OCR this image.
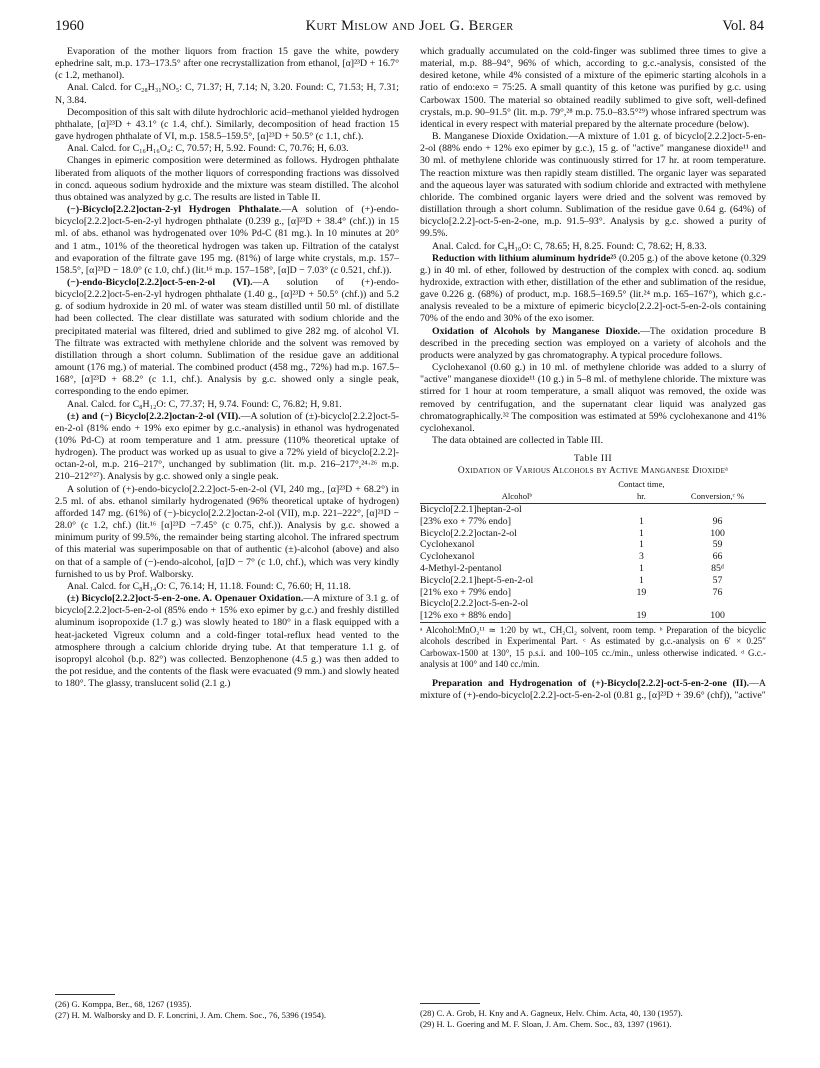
1960	Kurt Mislow and Joel G. Berger	Vol. 84

Evaporation of the mother liquors from fraction 15 gave the white, powdery ephedrine salt, m.p. 173–173.5° after one recrystallization from ethanol, [α]²³D + 16.7° (c 1.2, methanol).

Anal. Calcd. for C₂₈H₃₁NO₅: C, 71.37; H, 7.14; N, 3.20. Found: C, 71.53; H, 7.31; N, 3.84.

Decomposition of this salt with dilute hydrochloric acid–methanol yielded hydrogen phthalate, [α]²³D + 43.1° (c 1.4, chf.). Similarly, decomposition of head fraction 15 gave hydrogen phthalate of VI, m.p. 158.5–159.5°, [α]²³D + 50.5° (c 1.1, chf.).

Anal. Calcd. for C₁₆H₁₆O₄: C, 70.57; H, 5.92. Found: C, 70.76; H, 6.03.

Changes in epimeric composition were determined as follows. Hydrogen phthalate liberated from aliquots of the mother liquors of corresponding fractions was dissolved in concd. aqueous sodium hydroxide and the mixture was steam distilled. The alcohol thus obtained was analyzed by g.c. The results are listed in Table II.

(−)-Bicyclo[2.2.2]octan-2-yl Hydrogen Phthalate.—A solution of (+)-endo-bicyclo[2.2.2]oct-5-en-2-yl hydrogen phthalate (0.239 g., [α]²³D + 38.4° (chf.)) in 15 ml. of abs. ethanol was hydrogenated over 10% Pd-C (81 mg.). In 10 minutes at 20° and 1 atm., 101% of the theoretical hydrogen was taken up. Filtration of the catalyst and evaporation of the filtrate gave 195 mg. (81%) of large white crystals, m.p. 157–158.5°, [α]²³D − 18.0° (c 1.0, chf.) (lit.¹⁶ m.p. 157–158°, [α]D − 7.03° (c 0.521, chf.)).

(−)-endo-Bicyclo[2.2.2]oct-5-en-2-ol (VI).—A solution of (+)-endo-bicyclo[2.2.2]oct-5-en-2-yl hydrogen phthalate (1.40 g., [α]²³D + 50.5° (chf.)) and 5.2 g. of sodium hydroxide in 20 ml. of water was steam distilled until 50 ml. of distillate had been collected. The clear distillate was saturated with sodium chloride and the precipitated material was filtered, dried and sublimed to give 282 mg. of alcohol VI. The filtrate was extracted with methylene chloride and the solvent was removed by distillation through a short column. Sublimation of the residue gave an additional amount (176 mg.) of material. The combined product (458 mg., 72%) had m.p. 167.5–168°, [α]²³D + 68.2° (c 1.1, chf.). Analysis by g.c. showed only a single peak, corresponding to the endo epimer.

Anal. Calcd. for C₈H₁₂O: C, 77.37; H, 9.74. Found: C, 76.82; H, 9.81.

(±) and (−) Bicyclo[2.2.2]octan-2-ol (VII).—A solution of (±)-bicyclo[2.2.2]oct-5-en-2-ol (81% endo + 19% exo epimer by g.c.-analysis) in ethanol was hydrogenated (10% Pd-C) at room temperature and 1 atm. pressure (110% theoretical uptake of hydrogen). The product was worked up as usual to give a 72% yield of bicyclo[2.2.2]-octan-2-ol, m.p. 216–217°, unchanged by sublimation (lit. m.p. 216–217°,²⁴·²⁶ m.p. 210–212°²⁷). Analysis by g.c. showed only a single peak.

A solution of (+)-endo-bicyclo[2.2.2]oct-5-en-2-ol (VI, 240 mg., [α]²³D + 68.2°) in 2.5 ml. of abs. ethanol similarly hydrogenated (96% theoretical uptake of hydrogen) afforded 147 mg. (61%) of (−)-bicyclo[2.2.2]octan-2-ol (VII), m.p. 221–222°, [α]²¹D − 28.0° (c 1.2, chf.) (lit.¹⁶ [α]²³D −7.45° (c 0.75, chf.)). Analysis by g.c. showed a minimum purity of 99.5%, the remainder being starting alcohol. The infrared spectrum of this material was superimposable on that of authentic (±)-alcohol (above) and also on that of a sample of (−)-endo-alcohol, [α]D − 7° (c 1.0, chf.), which was very kindly furnished to us by Prof. Walborsky.

Anal. Calcd. for C₈H₁₄O: C, 76.14; H, 11.18. Found: C, 76.60; H, 11.18.

(±) Bicyclo[2.2.2]oct-5-en-2-one. A. Openauer Oxidation.—A mixture of 3.1 g. of bicyclo[2.2.2]oct-5-en-2-ol (85% endo + 15% exo epimer by g.c.) and freshly distilled aluminum isopropoxide (1.7 g.) was slowly heated to 180° in a flask equipped with a heat-jacketed Vigreux column and a cold-finger total-reflux head vented to the atmosphere through a calcium chloride drying tube. At that temperature 1.1 g. of isopropyl alcohol (b.p. 82°) was collected. Benzophenone (4.5 g.) was then added to the pot residue, and the contents of the flask were evacuated (9 mm.) and slowly heated to 180°. The glassy, translucent solid (2.1 g.)

which gradually accumulated on the cold-finger was sublimed three times to give a material, m.p. 88–94°, 96% of which, according to g.c.-analysis, consisted of the desired ketone, while 4% consisted of a mixture of the epimeric starting alcohols in a ratio of endo:exo = 75:25. A small quantity of this ketone was purified by g.c. using Carbowax 1500. The material so obtained readily sublimed to give soft, well-defined crystals, m.p. 90–91.5° (lit. m.p. 79°,²⁸ m.p. 75.0–83.5°²⁹) whose infrared spectrum was identical in every respect with material prepared by the alternate procedure (below).

B. Manganese Dioxide Oxidation.—A mixture of 1.01 g. of bicyclo[2.2.2]oct-5-en-2-ol (88% endo + 12% exo epimer by g.c.), 15 g. of "active" manganese dioxide¹¹ and 30 ml. of methylene chloride was continuously stirred for 17 hr. at room temperature. The reaction mixture was then rapidly steam distilled. The organic layer was separated and the aqueous layer was saturated with sodium chloride and extracted with methylene chloride. The combined organic layers were dried and the solvent was removed by distillation through a short column. Sublimation of the residue gave 0.64 g. (64%) of bicyclo[2.2.2]-oct-5-en-2-one, m.p. 91.5–93°. Analysis by g.c. showed a purity of 99.5%.

Anal. Calcd. for C₈H₁₀O: C, 78.65; H, 8.25. Found: C, 78.62; H, 8.33.

Reduction with lithium aluminum hydride²⁵ (0.205 g.) of the above ketone (0.329 g.) in 40 ml. of ether, followed by destruction of the complex with concd. aq. sodium hydroxide, extraction with ether, distillation of the ether and sublimation of the residue, gave 0.226 g. (68%) of product, m.p. 168.5–169.5° (lit.²⁴ m.p. 165–167°), which g.c.-analysis revealed to be a mixture of epimeric bicyclo[2.2.2]-oct-5-en-2-ols containing 70% of the endo and 30% of the exo isomer.

Oxidation of Alcohols by Manganese Dioxide.—The oxidation procedure B described in the preceding section was employed on a variety of alcohols and the products were analyzed by gas chromatography. A typical procedure follows.

Cyclohexanol (0.60 g.) in 10 ml. of methylene chloride was added to a slurry of "active" manganese dioxide¹¹ (10 g.) in 5–8 ml. of methylene chloride. The mixture was stirred for 1 hour at room temperature, a small aliquot was removed, the oxide was removed by centrifugation, and the supernatant clear liquid was analyzed gas chromatographically.³² The composition was estimated at 59% cyclohexanone and 41% cyclohexanol.

The data obtained are collected in Table III.

Table III
Oxidation of Various Alcohols by Active Manganese Dioxideᵃ
Alcoholᵇ	Contact time, hr.	Conversion,ᶜ %
Bicyclo[2.2.1]heptan-2-ol		
[23% exo + 77% endo]	1	96
Bicyclo[2.2.2]octan-2-ol	1	100
Cyclohexanol	1	59
Cyclohexanol	3	66
4-Methyl-2-pentanol	1	85ᵈ
Bicyclo[2.2.1]hept-5-en-2-ol	1	57
[21% exo + 79% endo]	19	76
Bicyclo[2.2.2]oct-5-en-2-ol		
[12% exo + 88% endo]	19	100
ᵃ Alcohol:MnO₂¹¹ ≃ 1:20 by wt., CH₂Cl₂ solvent, room temp. ᵇ Preparation of the bicyclic alcohols described in Experimental Part. ᶜ As estimated by g.c.-analysis on 6′ × 0.25″ Carbowax-1500 at 130°, 15 p.s.i. and 100–105 cc./min., unless otherwise indicated. ᵈ G.c.-analysis at 100° and 140 cc./min.

Preparation and Hydrogenation of (+)-Bicyclo[2.2.2]-oct-5-en-2-one (II).—A mixture of (+)-endo-bicyclo[2.2.2]-oct-5-en-2-ol (0.81 g., [α]²³D + 39.6° (chf)), "active"

(26) G. Komppa, Ber., 68, 1267 (1935).
(27) H. M. Walborsky and D. F. Loncrini, J. Am. Chem. Soc., 76, 5396 (1954).	(28) C. A. Grob, H. Kny and A. Gagneux, Helv. Chim. Acta, 40, 130 (1957).
(29) H. L. Goering and M. F. Sloan, J. Am. Chem. Soc., 83, 1397 (1961).
